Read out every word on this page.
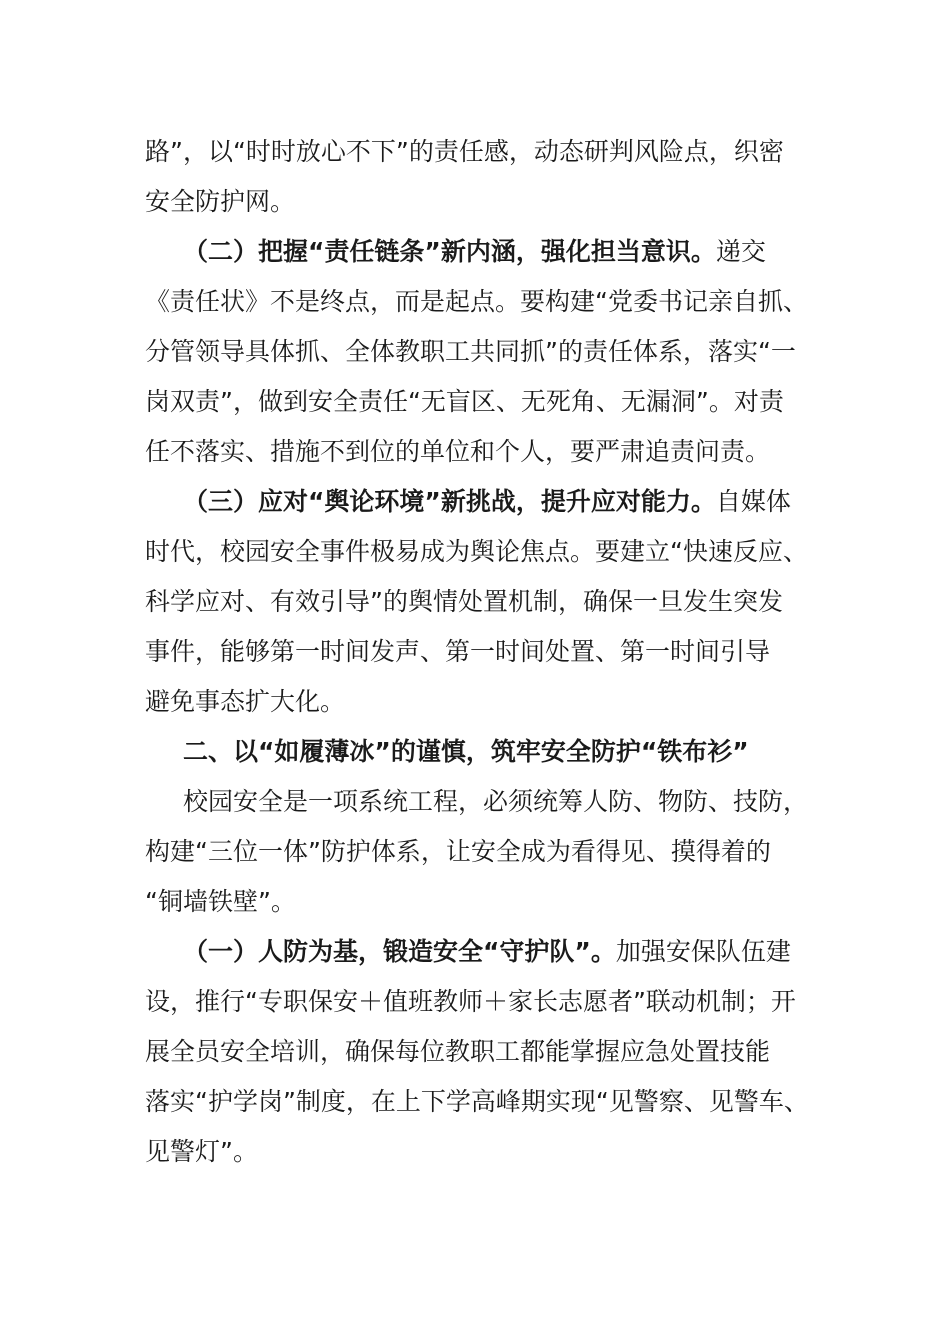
路”，以“时时放心不下”的责任感，动态研判风险点，织密
安全防护网。
（二）把握“责任链条”新内涵，强化担当意识。递交
《责任状》不是终点，而是起点。要构建“党委书记亲自抓、
分管领导具体抓、全体教职工共同抓”的责任体系，落实“一
岗双责”，做到安全责任“无盲区、无死角、无漏洞”。对责
任不落实、措施不到位的单位和个人，要严肃追责问责。
（三）应对“舆论环境”新挑战，提升应对能力。自媒体
时代，校园安全事件极易成为舆论焦点。要建立“快速反应、
科学应对、有效引导”的舆情处置机制，确保一旦发生突发
事件，能够第一时间发声、第一时间处置、第一时间引导
避免事态扩大化。
二、以“如履薄冰”的谨慎，筑牢安全防护“铁布衫”
校园安全是一项系统工程，必须统筹人防、物防、技防，
构建“三位一体”防护体系，让安全成为看得见、摸得着的
“铜墙铁壁”。
（一）人防为基，锻造安全“守护队”。加强安保队伍建
设，推行“专职保安＋值班教师＋家长志愿者”联动机制；开
展全员安全培训，确保每位教职工都能掌握应急处置技能
落实“护学岗”制度，在上下学高峰期实现“见警察、见警车、
见警灯”。
